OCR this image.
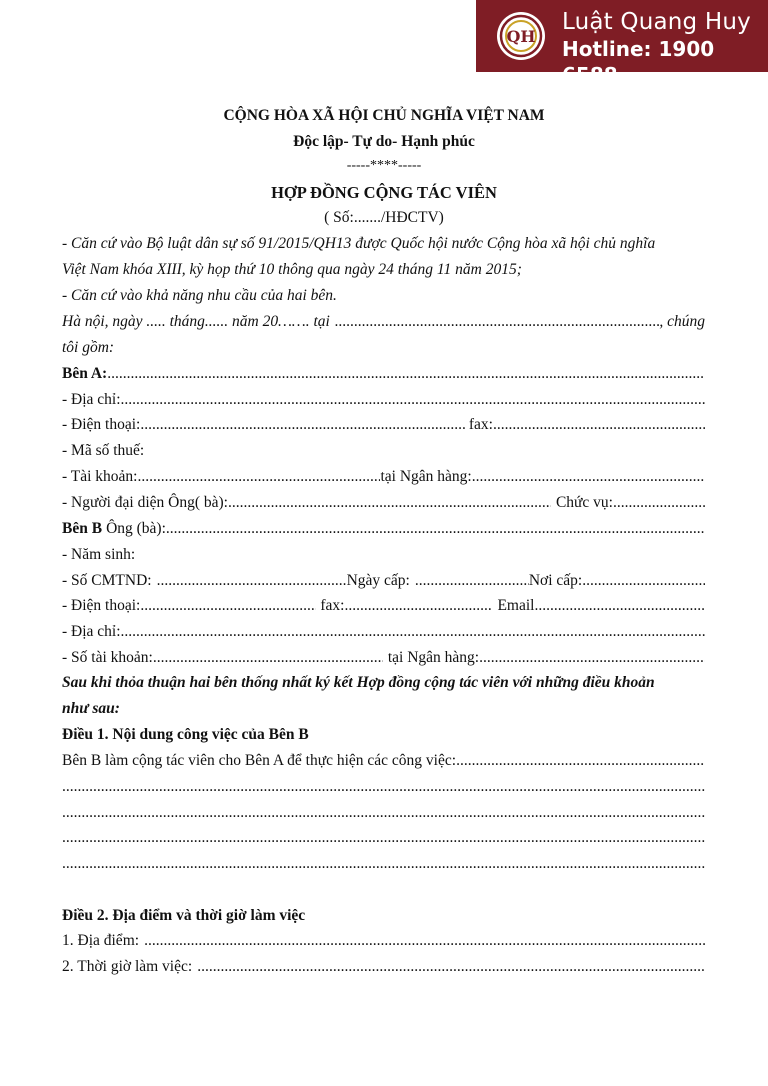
QH
Luật Quang Huy
Hotline: 1900 6588
CỘNG HÒA XÃ HỘI CHỦ NGHĨA VIỆT NAM
Độc lập- Tự do- Hạnh phúc
-----****-----
HỢP ĐỒNG CỘNG TÁC VIÊN
( Số:......./HĐCTV)
- Căn cứ vào Bộ luật dân sự số 91/2015/QH13 được Quốc hội nước Cộng hòa xã hội chủ nghĩa
Việt Nam khóa XIII, kỳ họp thứ 10 thông qua ngày 24 tháng 11 năm 2015;
- Căn cứ vào khả năng nhu cầu của hai bên.
Hà nội, ngày ..... tháng...... năm 20……. tại .....	, chúng
tôi gồm:
Bên A:
.....
- Địa chỉ:
.....
- Điện thoại: .....	fax:
.....
- Mã số thuế:
- Tài khoản: .....	tại Ngân hàng:
.....
- Người đại diện Ông( bà): .....	Chức vụ:
.....
Bên B Ông (bà):
.....
- Năm sinh:
- Số CMTND: .....	Ngày cấp: .....	Nơi cấp:
.....
- Điện thoại: .....	fax: .....	Email
.....
- Địa chỉ:
.....
- Số tài khoản: .....	tại Ngân hàng:
.....
Sau khi thỏa thuận hai bên thống nhất ký kết Hợp đồng cộng tác viên với những điều khoản
như sau:
Điều 1. Nội dung công việc của Bên B
Bên B làm cộng tác viên cho Bên A để thực hiện các công việc:
.....
.....
.....
.....
.....
Điều 2. Địa điểm và thời giờ làm việc
1. Địa điểm:
.....
2. Thời giờ làm việc:
.....
